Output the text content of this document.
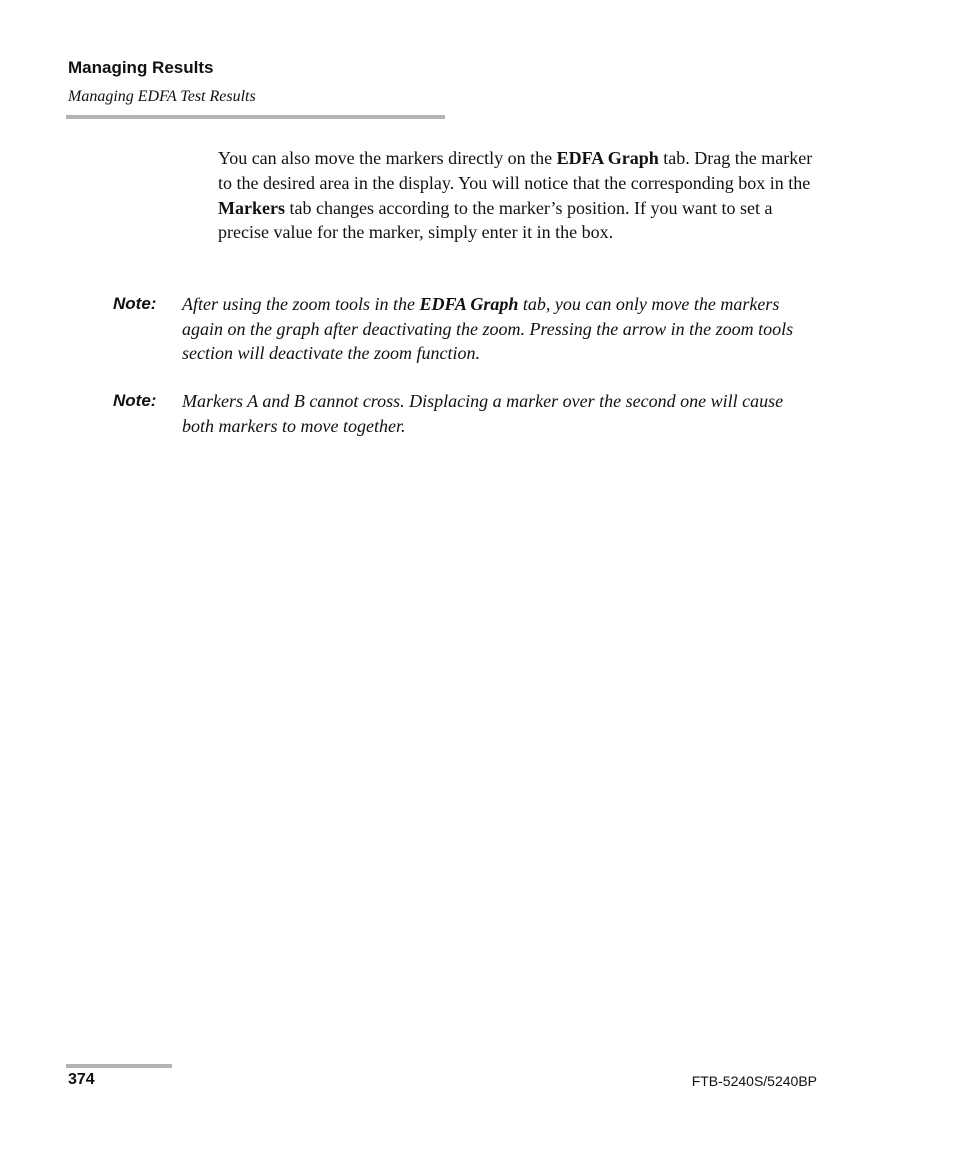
Managing Results
Managing EDFA Test Results

You can also move the markers directly on the EDFA Graph tab. Drag the marker to the desired area in the display. You will notice that the corresponding box in the Markers tab changes according to the marker’s position. If you want to set a precise value for the marker, simply enter it in the box.

Note: After using the zoom tools in the EDFA Graph tab, you can only move the markers again on the graph after deactivating the zoom. Pressing the arrow in the zoom tools section will deactivate the zoom function.

Note: Markers A and B cannot cross. Displacing a marker over the second one will cause both markers to move together.

374	FTB-5240S/5240BP
